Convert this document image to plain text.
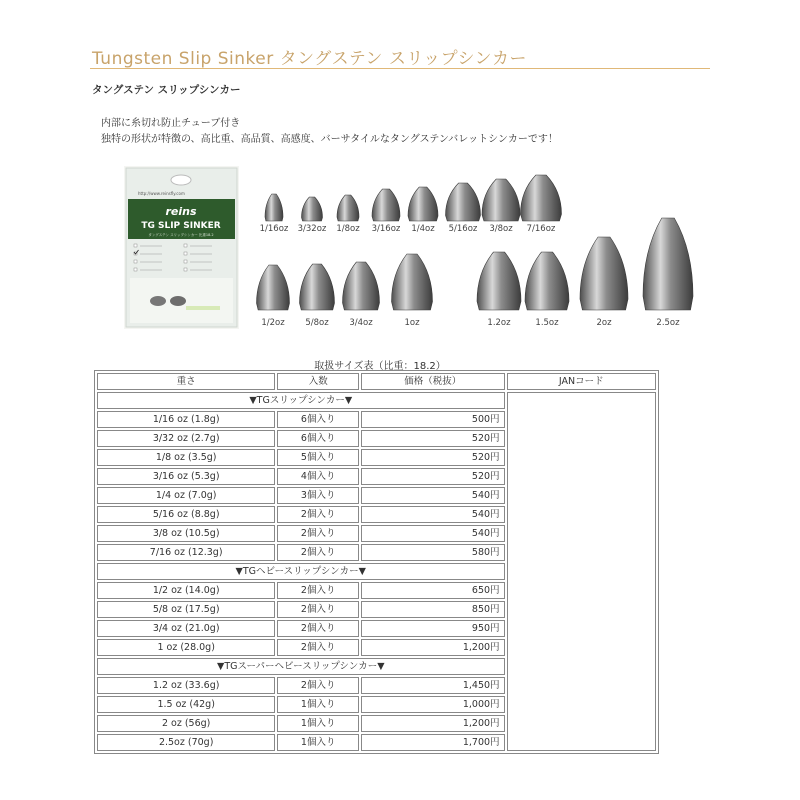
Tungsten Slip Sinker タングステン スリップシンカー
タングステン スリップシンカー
内部に糸切れ防止チューブ付き
独特の形状が特徴の、高比重、高品質、高感度、バーサタイルなタングステンバレットシンカーです！
http://www.reinsfly.com
reins
TG SLIP SINKER
タングステン スリップシンカー 比重18.2
1/16oz 3/32oz 1/8oz 3/16oz 1/4oz 5/16oz 3/8oz 7/16oz
1/2oz 5/8oz 3/4oz	1oz	1.2oz	1.5oz	2oz	2.5oz
取扱サイズ表（比重：18.2）
重さ	入数	価格（税抜）	JANコード
▼TGスリップシンカー▼			
1/16 oz (1.8g)	6個入り	500円	
3/32 oz (2.7g)	6個入り	520円	
1/8 oz (3.5g)	5個入り	520円	
3/16 oz (5.3g)	4個入り	520円	
1/4 oz (7.0g)	3個入り	540円	
5/16 oz (8.8g)	2個入り	540円	
3/8 oz (10.5g)	2個入り	540円	
7/16 oz (12.3g)	2個入り	580円	
▼TGヘビースリップシンカー▼			
1/2 oz (14.0g)	2個入り	650円	
5/8 oz (17.5g)	2個入り	850円	
3/4 oz (21.0g)	2個入り	950円	
1 oz (28.0g)	2個入り	1,200円	
▼TGスーパーヘビースリップシンカー▼			
1.2 oz (33.6g)	2個入り	1,450円	
1.5 oz (42g)	1個入り	1,000円	
2 oz (56g)	1個入り	1,200円	
2.5oz (70g)	1個入り	1,700円	
